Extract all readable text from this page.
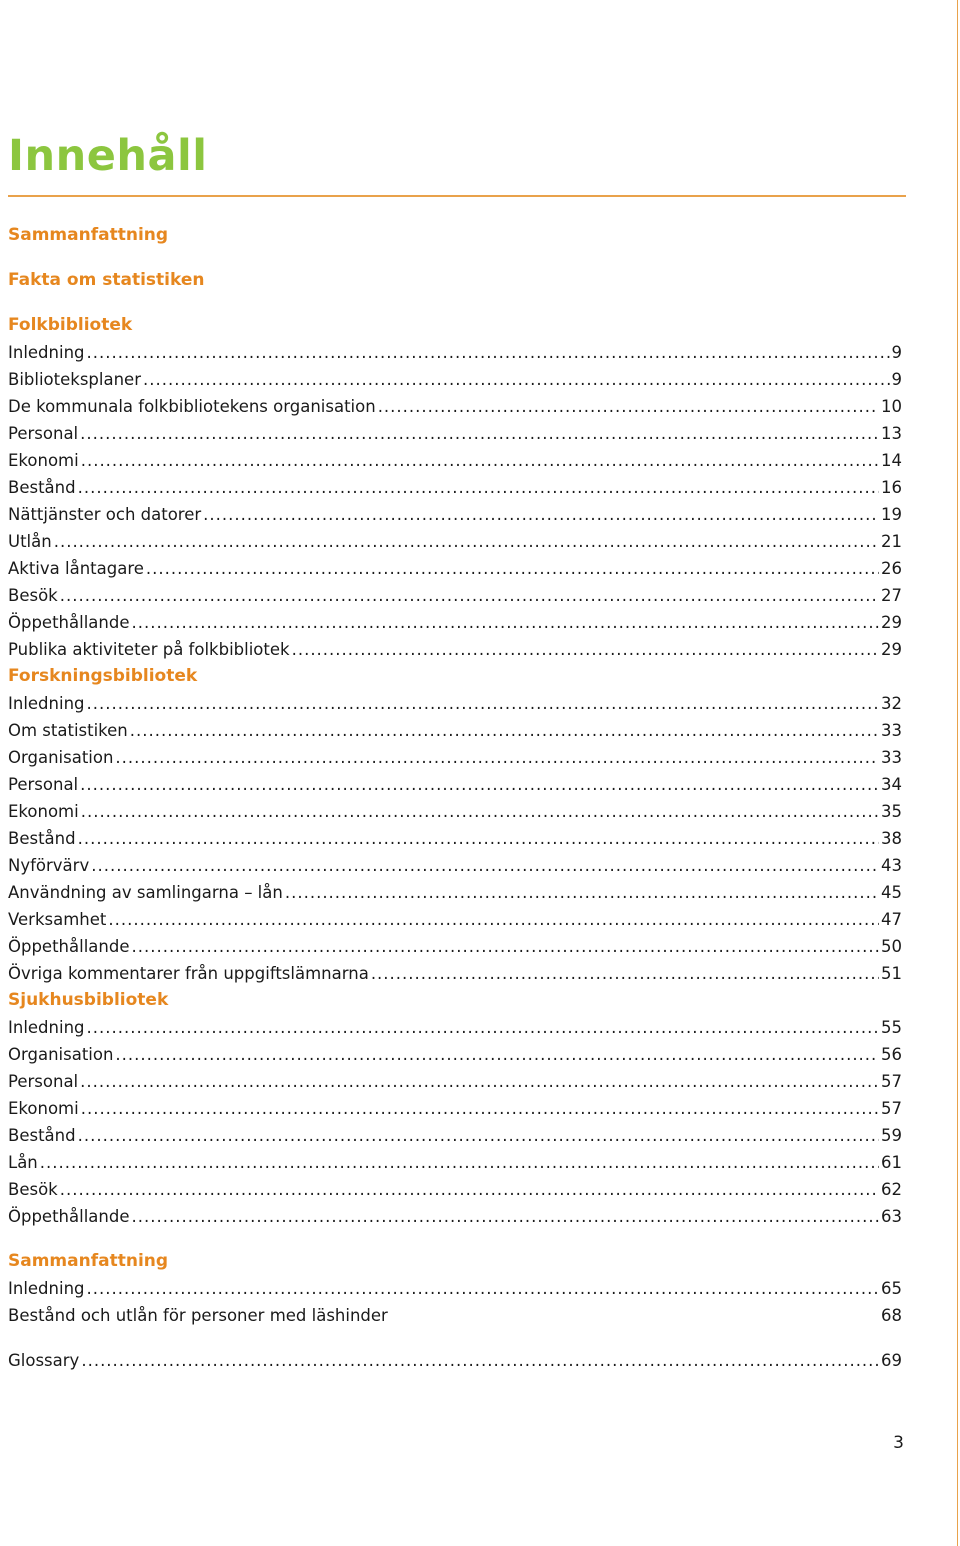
Innehåll
Sammanfattning
Fakta om statistiken
Folkbibliotek
Inledning .....	9
Biblioteksplaner .....	9
De kommunala folkbibliotekens organisation .....	10
Personal .....	13
Ekonomi .....	14
Bestånd .....	16
Nättjänster och datorer .....	19
Utlån .....	21
Aktiva låntagare .....	26
Besök .....	27
Öppethållande .....	29
Publika aktiviteter på folkbibliotek .....	29
Forskningsbibliotek
Inledning .....	32
Om statistiken .....	33
Organisation .....	33
Personal .....	34
Ekonomi .....	35
Bestånd .....	38
Nyförvärv .....	43
Användning av samlingarna – lån .....	45
Verksamhet .....	47
Öppethållande .....	50
Övriga kommentarer från uppgiftslämnarna .....	51
Sjukhusbibliotek
Inledning .....	55
Organisation .....	56
Personal .....	57
Ekonomi .....	57
Bestånd .....	59
Lån .....	61
Besök .....	62
Öppethållande .....	63
Sammanfattning
Inledning .....	65
Bestånd och utlån för personer med läshinder	68
Glossary .....	69
3
